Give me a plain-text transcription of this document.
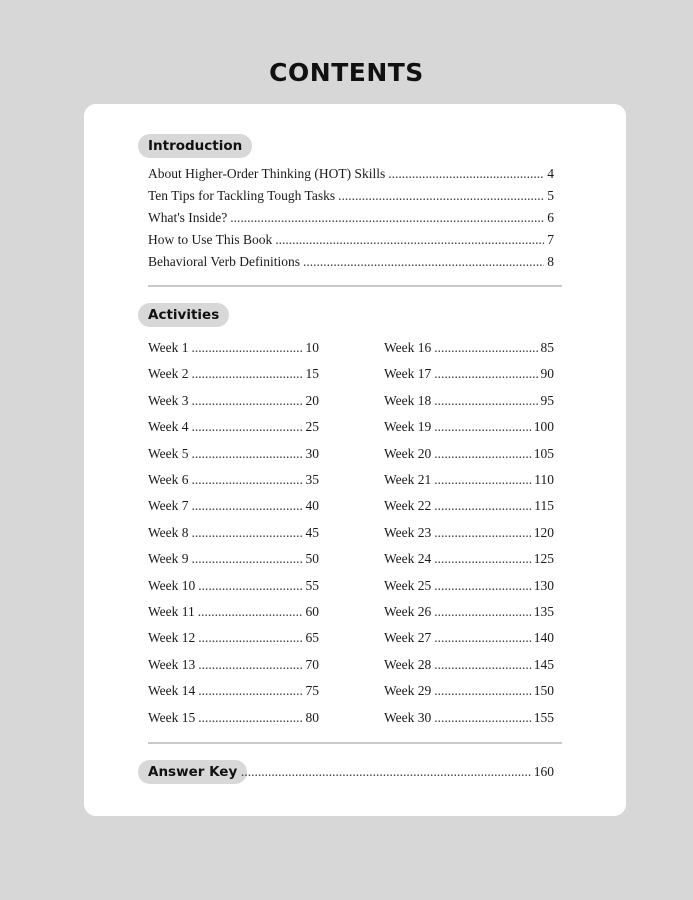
CONTENTS
Introduction
About Higher-Order Thinking (HOT) Skills .....	4
Ten Tips for Tackling Tough Tasks .....	5
What's Inside? .....	6
How to Use This Book .....	7
Behavioral Verb Definitions .....	8
Activities
Week 1 .....	10
Week 2 .....	15
Week 3 .....	20
Week 4 .....	25
Week 5 .....	30
Week 6 .....	35
Week 7 .....	40
Week 8 .....	45
Week 9 .....	50
Week 10 .....	55
Week 11 .....	60
Week 12 .....	65
Week 13 .....	70
Week 14 .....	75
Week 15 .....	80
Week 16 .....	85
Week 17 .....	90
Week 18 .....	95
Week 19 .....	100
Week 20 .....	105
Week 21 .....	110
Week 22 .....	115
Week 23 .....	120
Week 24 .....	125
Week 25 .....	130
Week 26 .....	135
Week 27 .....	140
Week 28 .....	145
Week 29 .....	150
Week 30 .....	155
Answer Key .....	160
